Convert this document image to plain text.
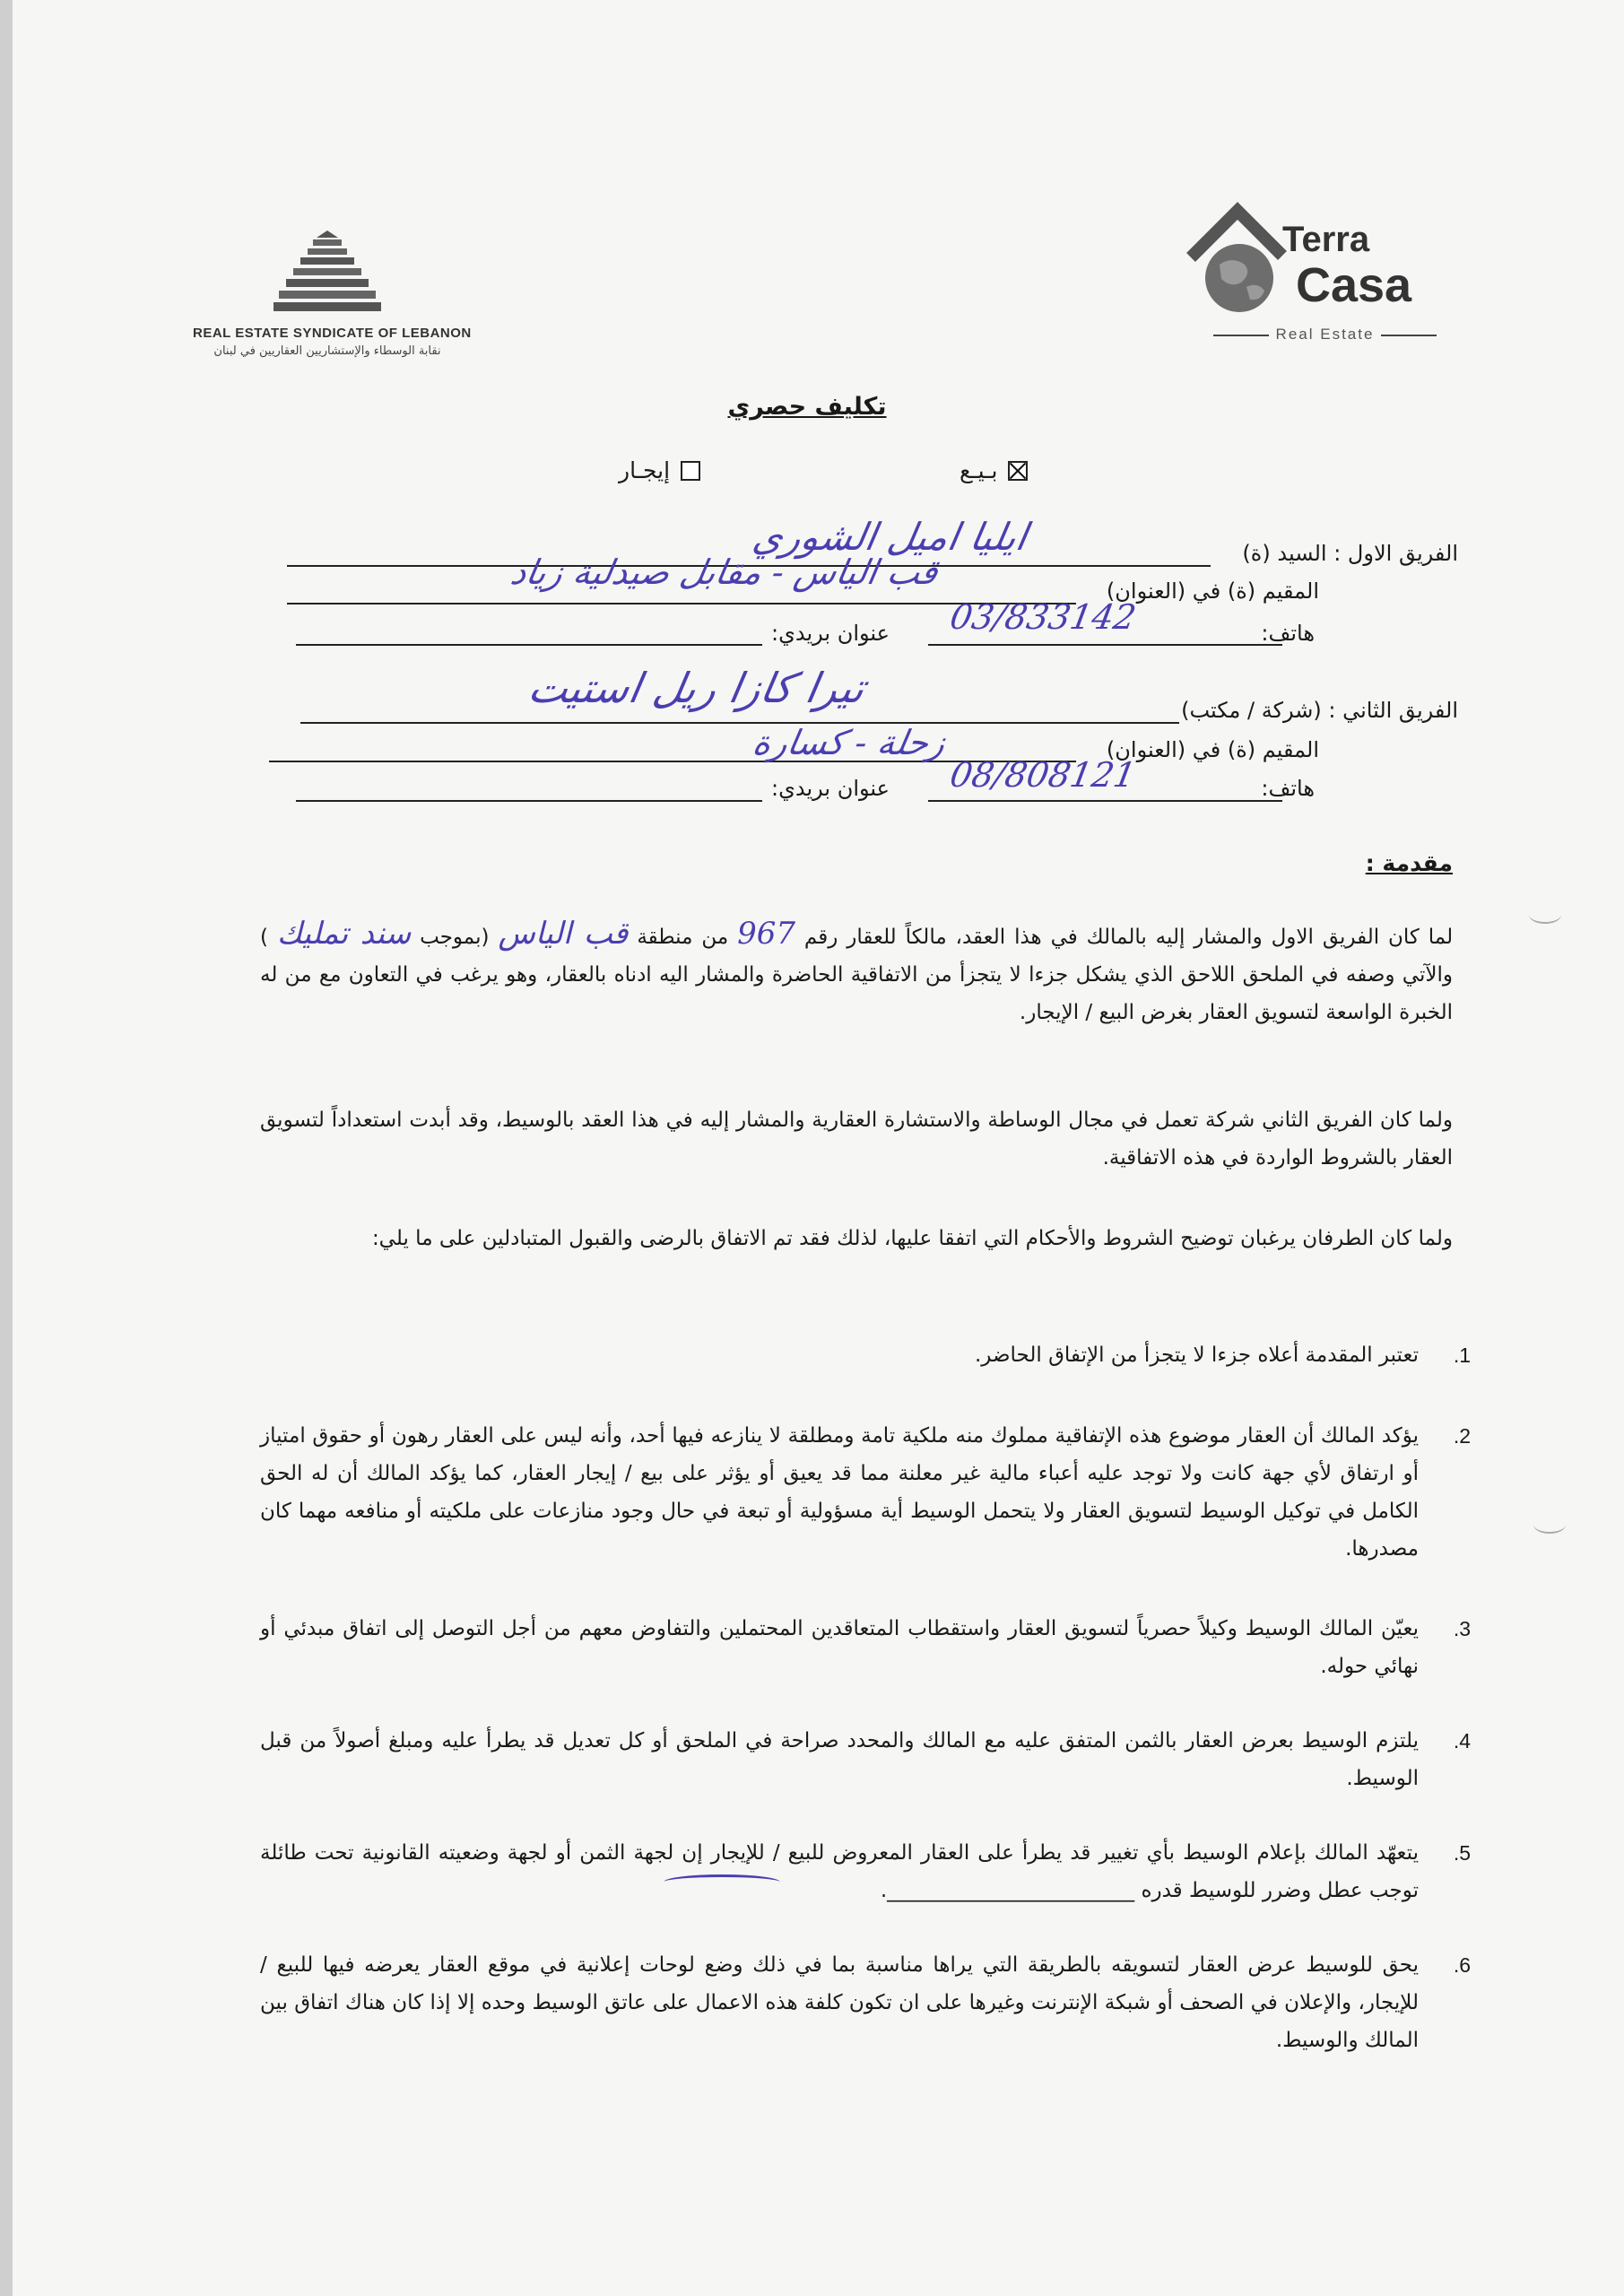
REAL ESTATE SYNDICATE OF LEBANON
نقابة الوسطاء والإستشاريين العقاريين في لبنان
Terra
Casa
Real Estate
تكليف حصري
بـيـع
إيجـار
الفريق الاول : السيد (ة)
ايليا اميل الشوري
المقيم (ة) في (العنوان)
قب الياس - مقابل صيدلية زياد
هاتف:
03/833142
عنوان بريدي:
الفريق الثاني : (شركة / مكتب)
تيرا كازا ريل استيت
المقيم (ة) في (العنوان)
زحلة - كسارة
هاتف:
08/808121
عنوان بريدي:
مقدمة :
لما كان الفريق الاول والمشار إليه بالمالك في هذا العقد، مالكاً للعقار رقم 967 من منطقة قب الياس (بموجب سند تمليك ) والآتي وصفه في الملحق اللاحق الذي يشكل جزءا لا يتجزأ من الاتفاقية الحاضرة والمشار اليه ادناه بالعقار، وهو يرغب في التعاون مع من له الخبرة الواسعة لتسويق العقار بغرض البيع / الإيجار.
ولما كان الفريق الثاني شركة تعمل في مجال الوساطة والاستشارة العقارية والمشار إليه في هذا العقد بالوسيط، وقد أبدت استعداداً لتسويق العقار بالشروط الواردة في هذه الاتفاقية.
ولما كان الطرفان يرغبان توضيح الشروط والأحكام التي اتفقا عليها، لذلك فقد تم الاتفاق بالرضى والقبول المتبادلين على ما يلي:
1.
تعتبر المقدمة أعلاه جزءا لا يتجزأ من الإتفاق الحاضر.
2.
يؤكد المالك أن العقار موضوع هذه الإتفاقية مملوك منه ملكية تامة ومطلقة لا ينازعه فيها أحد، وأنه ليس على العقار رهون أو حقوق امتياز أو ارتفاق لأي جهة كانت ولا توجد عليه أعباء مالية غير معلنة مما قد يعيق أو يؤثر على بيع / إيجار العقار، كما يؤكد المالك أن له الحق الكامل في توكيل الوسيط لتسويق العقار ولا يتحمل الوسيط أية مسؤولية أو تبعة في حال وجود منازعات على ملكيته أو منافعه مهما كان مصدرها.
3.
يعيّن المالك الوسيط وكيلاً حصرياً لتسويق العقار واستقطاب المتعاقدين المحتملين والتفاوض معهم من أجل التوصل إلى اتفاق مبدئي أو نهائي حوله.
4.
يلتزم الوسيط بعرض العقار بالثمن المتفق عليه مع المالك والمحدد صراحة في الملحق أو كل تعديل قد يطرأ عليه ومبلغ أصولاً من قبل الوسيط.
5.
يتعهّد المالك بإعلام الوسيط بأي تغيير قد يطرأ على العقار المعروض للبيع / للإيجار إن لجهة الثمن أو لجهة وضعيته القانونية تحت طائلة توجب عطل وضرر للوسيط قدره ________________________.
6.
يحق للوسيط عرض العقار لتسويقه بالطريقة التي يراها مناسبة بما في ذلك وضع لوحات إعلانية في موقع العقار يعرضه فيها للبيع / للإيجار، والإعلان في الصحف أو شبكة الإنترنت وغيرها على ان تكون كلفة هذه الاعمال على عاتق الوسيط وحده إلا إذا كان هناك اتفاق بين المالك والوسيط.
